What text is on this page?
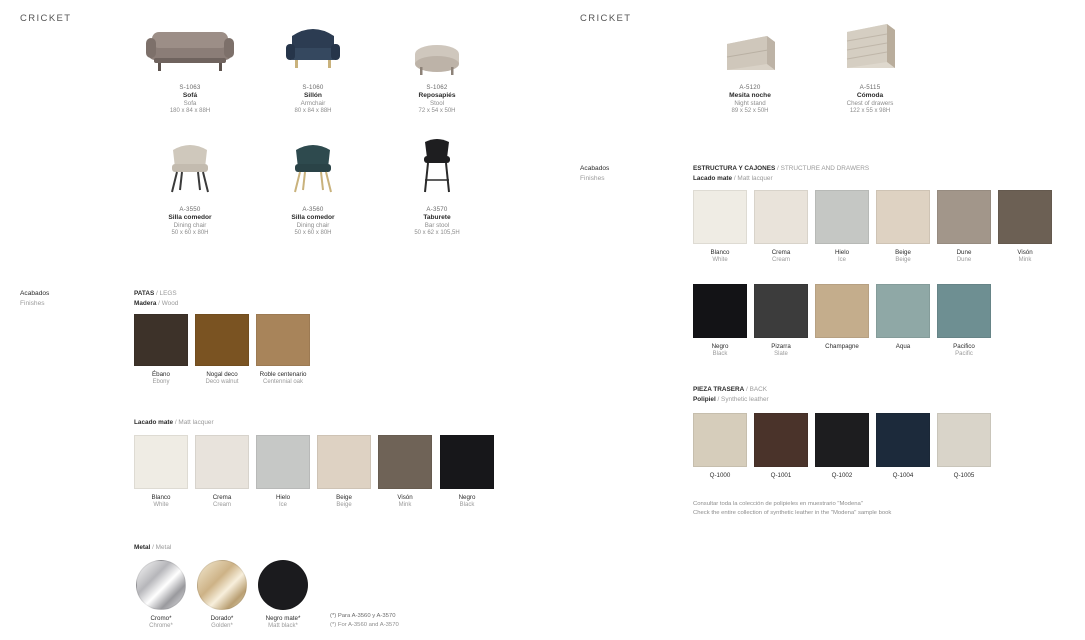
CRICKET	CRICKET
S-1063
Sofá
Sofa
180 x 84 x 88H
S-1060
Sillón
Armchair
80 x 84 x 88H
S-1062
Reposapiés
Stool
72 x 54 x 50H
A-3550
Silla comedor
Dining chair
50 x 60 x 80H
A-3560
Silla comedor
Dining chair
50 x 60 x 80H
A-3570
Taburete
Bar stool
50 x 62 x 105,5H
A-5120
Mesita noche
Night stand
89 x 52 x 50H
A-5115
Cómoda
Chest of drawers
122 x 55 x 98H
Acabados
Finishes
PATAS / LEGS
Madera / Wood
Ébano
Ebony
Nogal deco
Deco walnut
Roble centenario
Centennial oak
Lacado mate / Matt lacquer
Blanco
White
Crema
Cream
Hielo
Ice
Beige
Beige
Visón
Mink
Negro
Black
Metal / Metal
Cromo*
Chrome*
Dorado*
Golden*
Negro mate*
Matt black*
(*) Para A-3560 y A-3570
(*) For A-3560 and A-3570
Acabados
Finishes
ESTRUCTURA Y CAJONES / STRUCTURE AND DRAWERS
Lacado mate / Matt lacquer
Blanco
White
Crema
Cream
Hielo
Ice
Beige
Beige
Dune
Dune
Visón
Mink
Negro
Black
Pizarra
Slate
Champagne	Aqua	Pacifico
Pacific
PIEZA TRASERA / BACK
Polipiel / Synthetic leather
Q-1000	Q-1001	Q-1002	Q-1004	Q-1005
Consultar toda la colección de polipieles en muestrario "Modena"
Check the entire collection of synthetic leather in the "Modena" sample book
